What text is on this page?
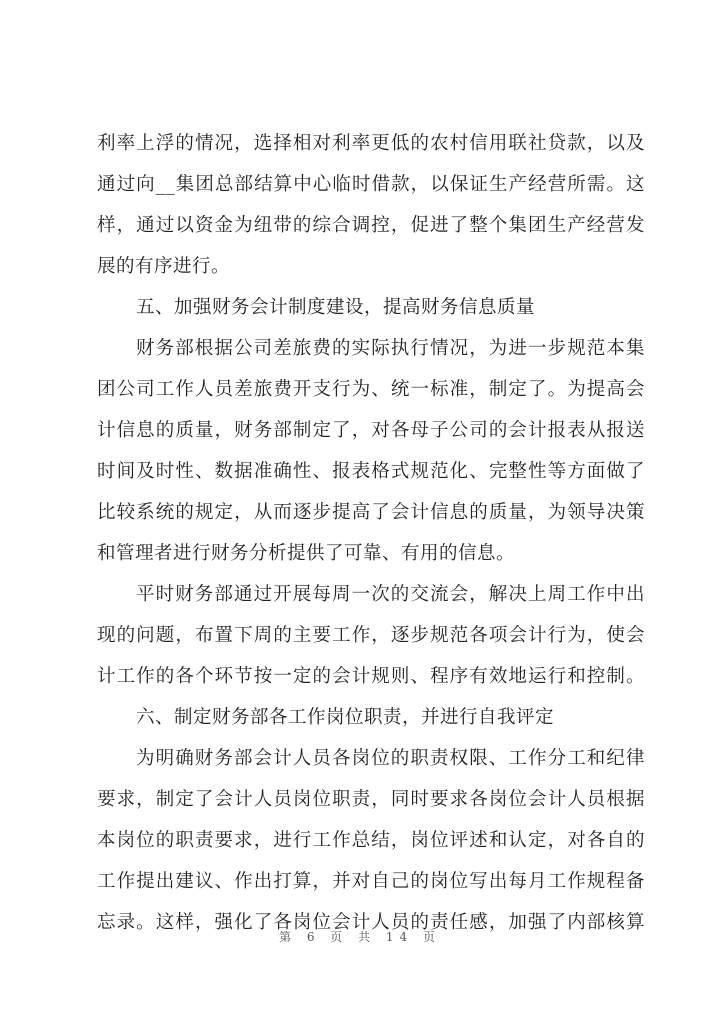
利率上浮的情况，选择相对利率更低的农村信用联社贷款，以及
通过向__集团总部结算中心临时借款，以保证生产经营所需。这
样，通过以资金为纽带的综合调控，促进了整个集团生产经营发
展的有序进行。
五、加强财务会计制度建设，提高财务信息质量
财务部根据公司差旅费的实际执行情况，为进一步规范本集
团公司工作人员差旅费开支行为、统一标准，制定了。为提高会
计信息的质量，财务部制定了，对各母子公司的会计报表从报送
时间及时性、数据准确性、报表格式规范化、完整性等方面做了
比较系统的规定，从而逐步提高了会计信息的质量，为领导决策
和管理者进行财务分析提供了可靠、有用的信息。
平时财务部通过开展每周一次的交流会，解决上周工作中出
现的问题，布置下周的主要工作，逐步规范各项会计行为，使会
计工作的各个环节按一定的会计规则、程序有效地运行和控制。
六、制定财务部各工作岗位职责，并进行自我评定
为明确财务部会计人员各岗位的职责权限、工作分工和纪律
要求，制定了会计人员岗位职责，同时要求各岗位会计人员根据
本岗位的职责要求，进行工作总结，岗位评述和认定，对各自的
工作提出建议、作出打算，并对自己的岗位写出每月工作规程备
忘录。这样，强化了各岗位会计人员的责任感，加强了内部核算
第 6 页 共 14 页
